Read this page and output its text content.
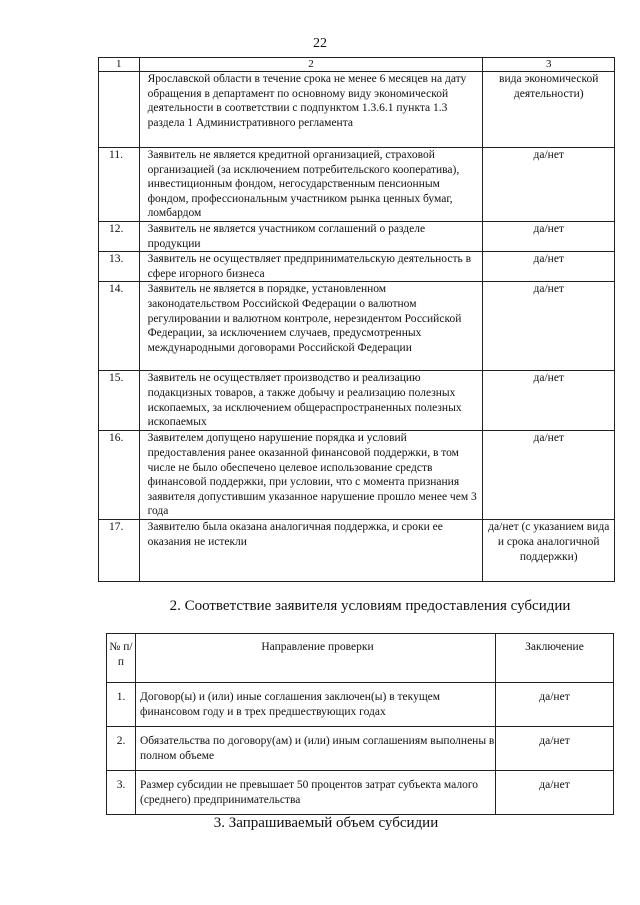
22
1	2	3
	Ярославской области в течение срока не менее 6 месяцев на дату обращения в департамент по основному виду экономической деятельности в соответствии с подпунктом 1.3.6.1 пункта 1.3 раздела 1 Административного регламента	вида экономической деятельности)
11.	Заявитель не является кредитной организацией, страховой организацией (за исключением потребительского кооператива), инвестиционным фондом, негосударственным пенсионным фондом, профессиональным участником рынка ценных бумаг, ломбардом	да/нет
12.	Заявитель не является участником соглашений о разделе продукции	да/нет
13.	Заявитель не осуществляет предпринимательскую деятельность в сфере игорного бизнеса	да/нет
14.	Заявитель не является в порядке, установленном законодательством Российской Федерации о валютном регулировании и валютном контроле, нерезидентом Российской Федерации, за исключением случаев, предусмотренных международными договорами Российской Федерации	да/нет
15.	Заявитель не осуществляет производство и реализацию подакцизных товаров, а также добычу и реализацию полезных ископаемых, за исключением общераспространенных полезных ископаемых	да/нет
16.	Заявителем допущено нарушение порядка и условий предоставления ранее оказанной финансовой поддержки, в том числе не было обеспечено целевое использование средств финансовой поддержки, при условии, что с момента признания заявителя допустившим указанное нарушение прошло менее чем 3 года	да/нет
17.	Заявителю была оказана аналогичная поддержка, и сроки ее оказания не истекли	да/нет (с указанием вида и срока аналогичной поддержки)
2. Соответствие заявителя условиям предоставления субсидии
№ п/п	Направление проверки	Заключение
1.	Договор(ы) и (или) иные соглашения заключен(ы) в текущем финансовом году и в трех предшествующих годах	да/нет
2.	Обязательства по договору(ам) и (или) иным соглашениям выполнены в полном объеме	да/нет
3.	Размер субсидии не превышает 50 процентов затрат субъекта малого (среднего) предпринимательства	да/нет
3. Запрашиваемый объем субсидии
